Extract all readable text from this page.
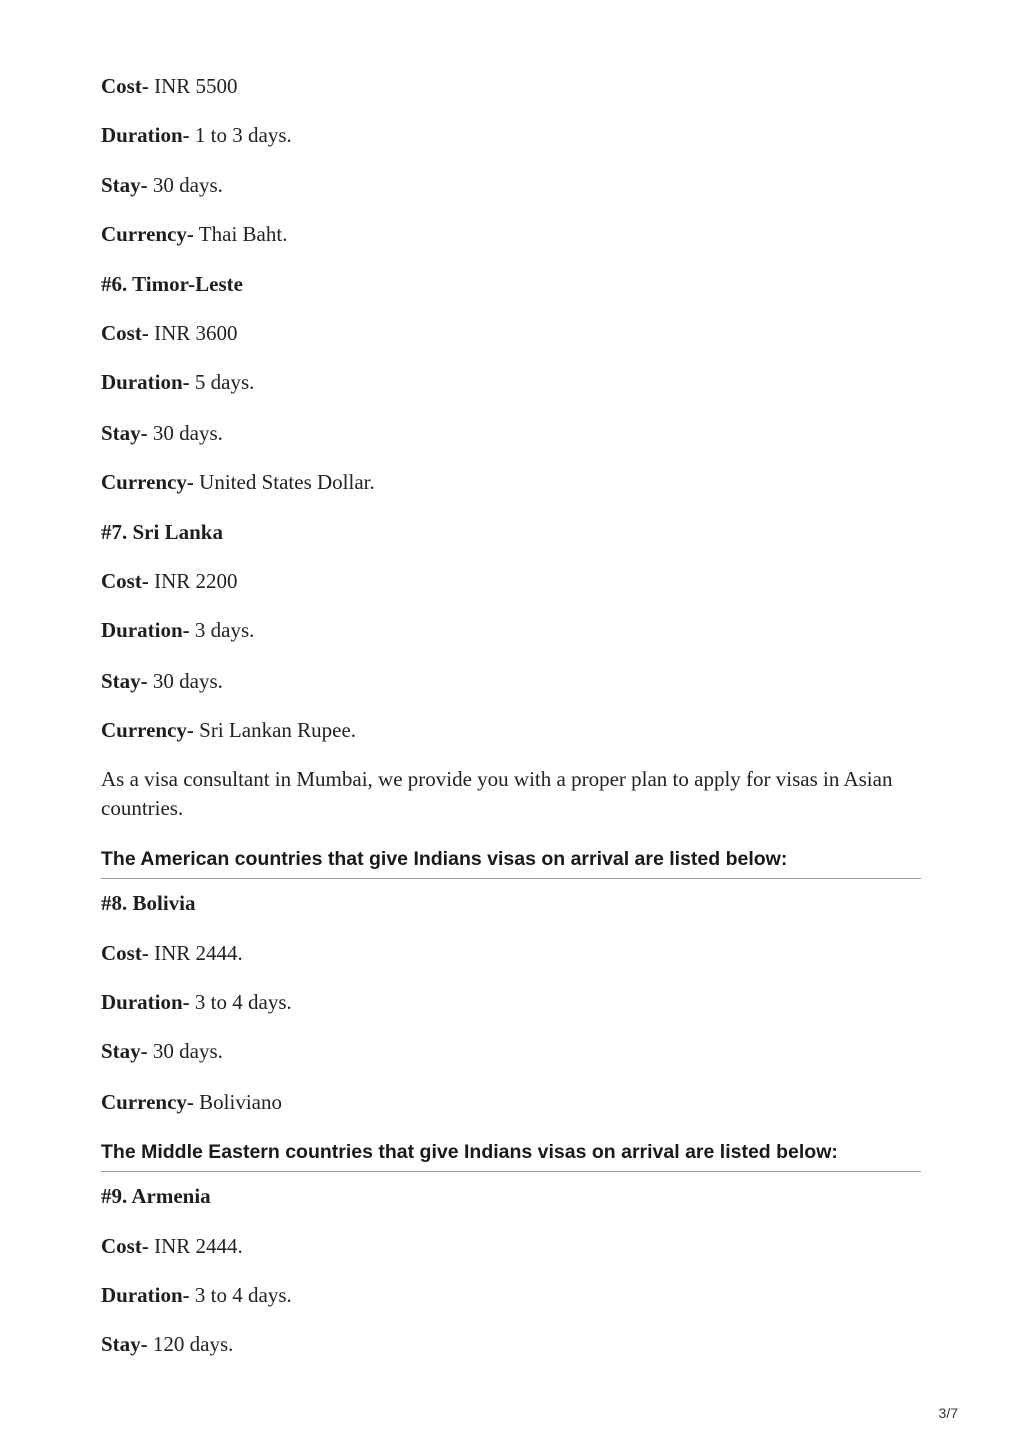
Cost- INR 5500
Duration- 1 to 3 days.
Stay- 30 days.
Currency- Thai Baht.
#6. Timor-Leste
Cost- INR 3600
Duration- 5 days.
Stay- 30 days.
Currency- United States Dollar.
#7. Sri Lanka
Cost- INR 2200
Duration- 3 days.
Stay- 30 days.
Currency- Sri Lankan Rupee.
As a visa consultant in Mumbai, we provide you with a proper plan to apply for visas in Asian countries.
The American countries that give Indians visas on arrival are listed below:
#8. Bolivia
Cost- INR 2444.
Duration- 3 to 4 days.
Stay- 30 days.
Currency- Boliviano
The Middle Eastern countries that give Indians visas on arrival are listed below:
#9. Armenia
Cost- INR 2444.
Duration- 3 to 4 days.
Stay- 120 days.
3/7
